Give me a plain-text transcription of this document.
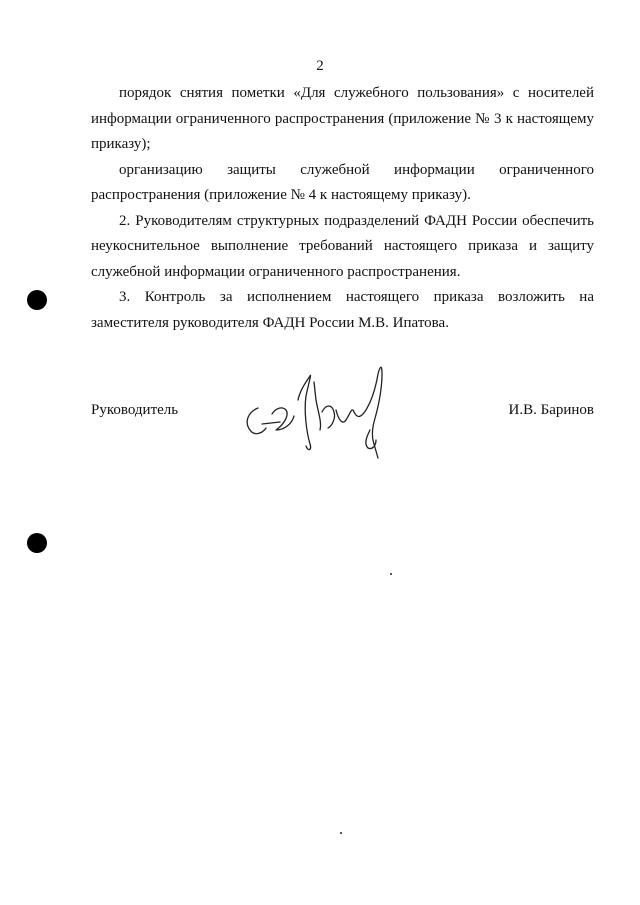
2

порядок снятия пометки «Для служебного пользования» с носителей информации ограниченного распространения (приложение № 3 к настоящему приказу);

организацию защиты служебной информации ограниченного распространения (приложение № 4 к настоящему приказу).

2. Руководителям структурных подразделений ФАДН России обеспечить неукоснительное выполнение требований настоящего приказа и защиту служебной информации ограниченного распространения.

3. Контроль за исполнением настоящего приказа возложить на заместителя руководителя ФАДН России М.В. Ипатова.

Руководитель	И.В. Баринов
